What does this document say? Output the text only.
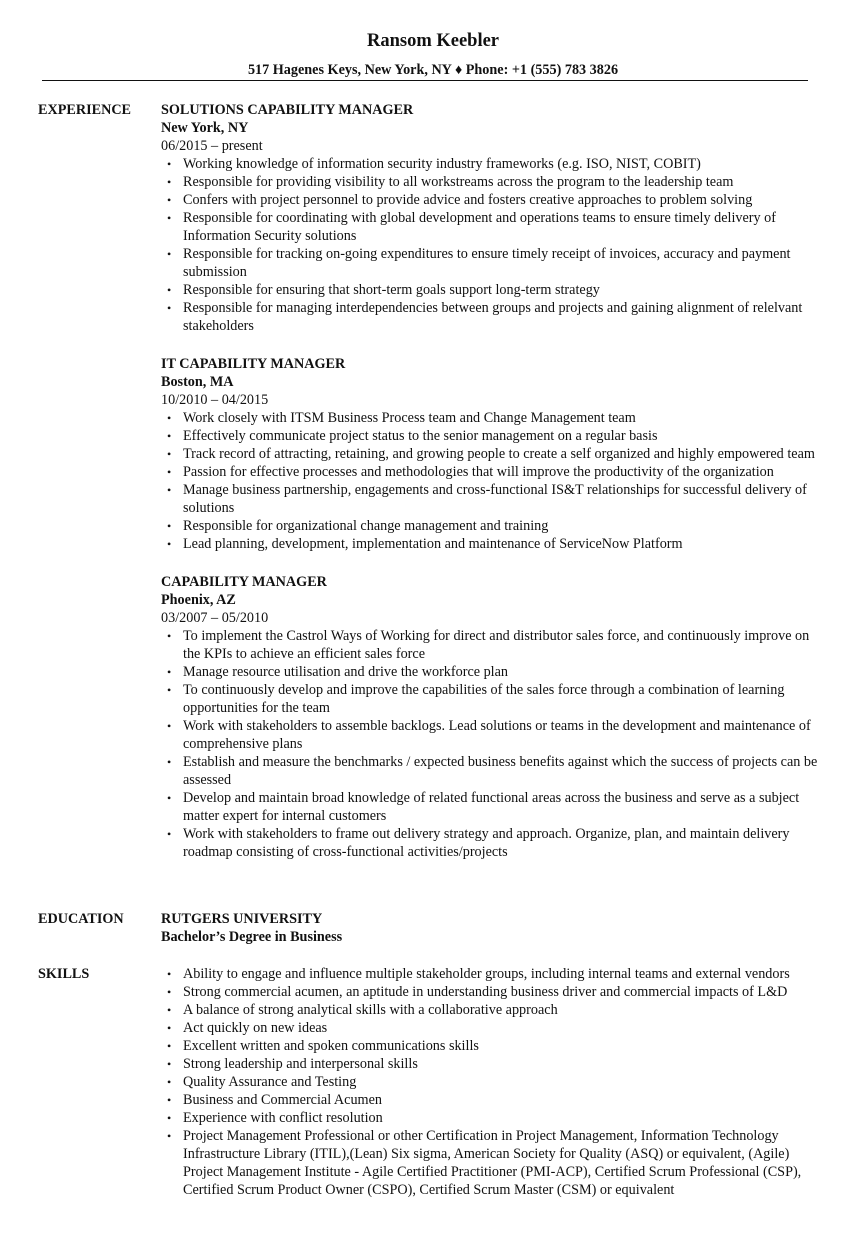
Ransom Keebler
517 Hagenes Keys, New York, NY ♦ Phone: +1 (555) 783 3826
EXPERIENCE SOLUTIONS CAPABILITY MANAGER
New York, NY
06/2015 – present
• Working knowledge of information security industry frameworks (e.g. ISO, NIST, COBIT)
• Responsible for providing visibility to all workstreams across the program to the leadership team
• Confers with project personnel to provide advice and fosters creative approaches to problem solving
• Responsible for coordinating with global development and operations teams to ensure timely delivery of Information Security solutions
• Responsible for tracking on-going expenditures to ensure timely receipt of invoices, accuracy and payment submission
• Responsible for ensuring that short-term goals support long-term strategy
• Responsible for managing interdependencies between groups and projects and gaining alignment of relelvant stakeholders
IT CAPABILITY MANAGER
Boston, MA
10/2010 – 04/2015
• Work closely with ITSM Business Process team and Change Management team
• Effectively communicate project status to the senior management on a regular basis
• Track record of attracting, retaining, and growing people to create a self organized and highly empowered team
• Passion for effective processes and methodologies that will improve the productivity of the organization
• Manage business partnership, engagements and cross-functional IS&T relationships for successful delivery of solutions
• Responsible for organizational change management and training
• Lead planning, development, implementation and maintenance of ServiceNow Platform
CAPABILITY MANAGER
Phoenix, AZ
03/2007 – 05/2010
• To implement the Castrol Ways of Working for direct and distributor sales force, and continuously improve on the KPIs to achieve an efficient sales force
• Manage resource utilisation and drive the workforce plan
• To continuously develop and improve the capabilities of the sales force through a combination of learning opportunities for the team
• Work with stakeholders to assemble backlogs. Lead solutions or teams in the development and maintenance of comprehensive plans
• Establish and measure the benchmarks / expected business benefits against which the success of projects can be assessed
• Develop and maintain broad knowledge of related functional areas across the business and serve as a subject matter expert for internal customers
• Work with stakeholders to frame out delivery strategy and approach. Organize, plan, and maintain delivery roadmap consisting of cross-functional activities/projects
EDUCATION	RUTGERS UNIVERSITY
Bachelor’s Degree in Business
SKILLS
•	Ability to engage and influence multiple stakeholder groups, including internal teams and external vendors
• Strong commercial acumen, an aptitude in understanding business driver and commercial impacts of L&D
• A balance of strong analytical skills with a collaborative approach
• Act quickly on new ideas
• Excellent written and spoken communications skills
• Strong leadership and interpersonal skills
• Quality Assurance and Testing
• Business and Commercial Acumen
• Experience with conflict resolution
• Project Management Professional or other Certification in Project Management, Information Technology Infrastructure Library (ITIL),(Lean) Six sigma, American Society for Quality (ASQ) or equivalent, (Agile) Project Management Institute - Agile Certified Practitioner (PMI-ACP), Certified Scrum Professional (CSP), Certified Scrum Product Owner (CSPO), Certified Scrum Master (CSM) or equivalent
